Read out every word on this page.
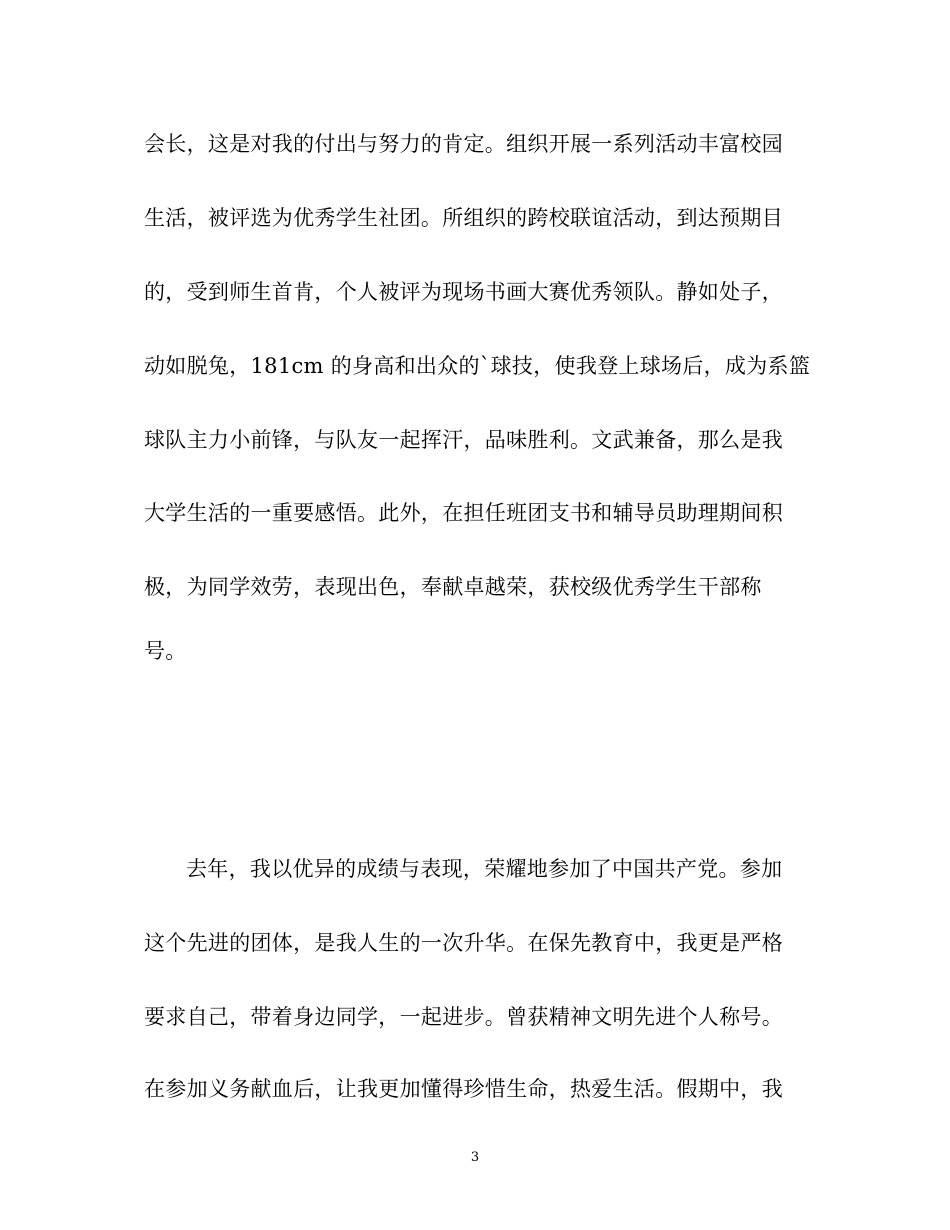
会长，这是对我的付出与努力的肯定。组织开展一系列活动丰富校园
生活，被评选为优秀学生社团。所组织的跨校联谊活动，到达预期目
的，受到师生首肯，个人被评为现场书画大赛优秀领队。静如处子，
动如脱兔，181cm 的身高和出众的`球技，使我登上球场后，成为系篮
球队主力小前锋，与队友一起挥汗，品味胜利。文武兼备，那么是我
大学生活的一重要感悟。此外，在担任班团支书和辅导员助理期间积
极，为同学效劳，表现出色，奉献卓越荣，获校级优秀学生干部称
号。
去年，我以优异的成绩与表现，荣耀地参加了中国共产党。参加
这个先进的团体，是我人生的一次升华。在保先教育中，我更是严格
要求自己，带着身边同学，一起进步。曾获精神文明先进个人称号。
在参加义务献血后，让我更加懂得珍惜生命，热爱生活。假期中，我
3
